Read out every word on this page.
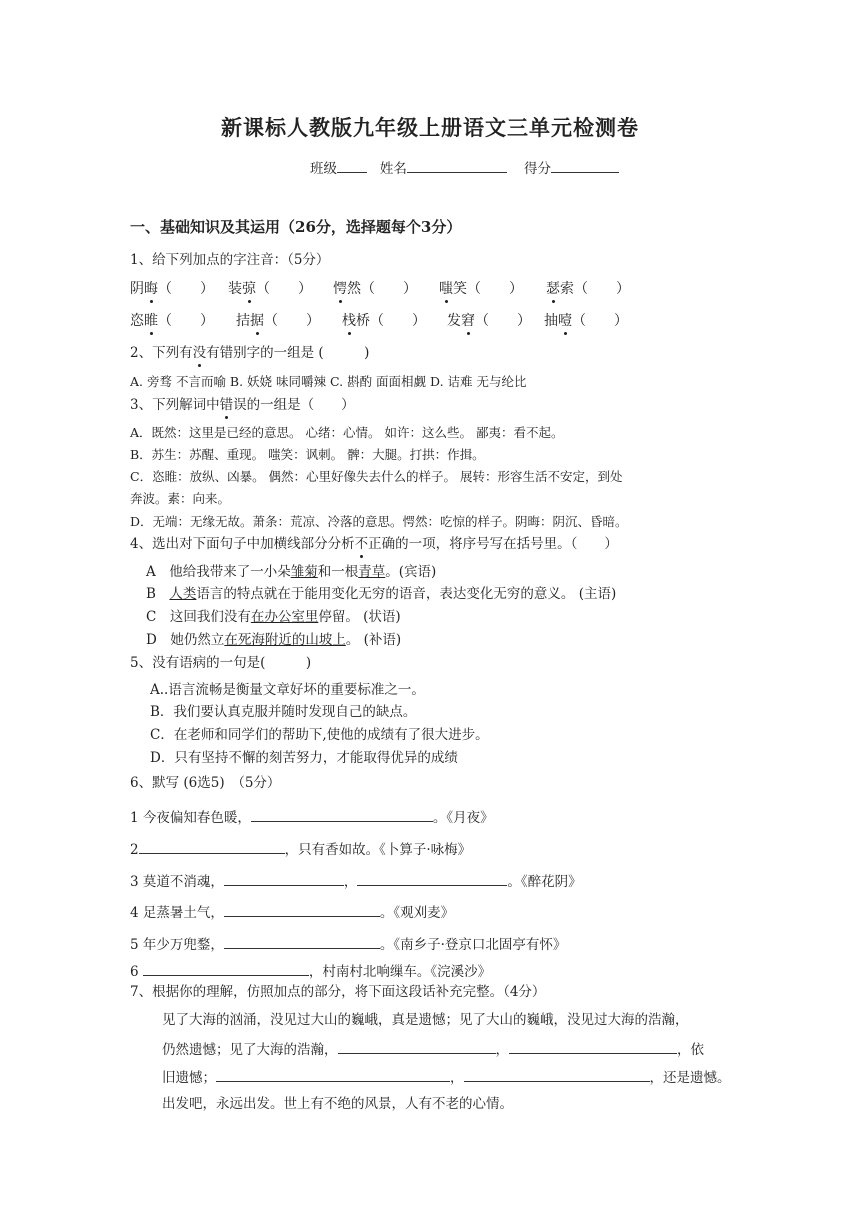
新课标人教版九年级上册语文三单元检测卷
班级	姓名	得分
一、基础知识及其运用（26分，选择题每个3分）
1、给下列加点的字注音：（5分）
阴晦（　　） 装弶（　　） 愕然（　　） 嗤笑（　　） 瑟索（　　）
恣睢（　　） 拮据（　　） 栈桥（　　） 发窘（　　） 抽噎（　　）
2、下列有没有错别字的一组是 (　　　)
A. 旁骛 不言而喻 B. 妖娆 味同嚼辣 C. 斟酌 面面相觑 D. 诘难 无与纶比
3、下列解词中错误的一组是（　　）
A．既然：这里是已经的意思。 心绪：心情。 如许：这么些。 鄙夷：看不起。
B．苏生：苏醒、重现。 嗤笑：讽刺。 髀：大腿。打拱：作揖。
C．恣睢：放纵、凶暴。 偶然：心里好像失去什么的样子。 展转：形容生活不安定，到处
奔波。素：向来。
D．无端：无缘无故。萧条：荒凉、冷落的意思。愕然：吃惊的样子。阴晦：阴沉、昏暗。
4、选出对下面句子中加横线部分分析不正确的一项，将序号写在括号里。（　　）
A　他给我带来了一小朵雏菊和一根青草。(宾语)
B　人类语言的特点就在于能用变化无穷的语音，表达变化无穷的意义。 (主语)
C　这回我们没有在办公室里停留。 (状语)
D　她仍然立在死海附近的山坡上。 (补语)
5、没有语病的一句是(　　　)
A..语言流畅是衡量文章好坏的重要标准之一。
B．我们要认真克服并随时发现自己的缺点。
C．在老师和同学们的帮助下,使他的成绩有了很大进步。
D．只有坚持不懈的刻苦努力，才能取得优异的成绩
6、默写 (6选5)　（5分）
1 今夜偏知春色暖，	。《月夜》
2	，只有香如故。《卜算子·咏梅》
3 莫道不消魂，	，	。《醉花阴》
4 足蒸暑土气，	。《观刈麦》
5 年少万兜鍪，	。《南乡子·登京口北固亭有怀》
6	，村南村北响缫车。《浣溪沙》
7、根据你的理解，仿照加点的部分，将下面这段话补充完整。（4分）
见了大海的汹涌，没见过大山的巍峨，真是遗憾；见了大山的巍峨，没见过大海的浩瀚，
仍然遗憾；见了大海的浩瀚，	，	，依
旧遗憾；	，	，还是遗憾。
出发吧，永远出发。世上有不绝的风景，人有不老的心情。
